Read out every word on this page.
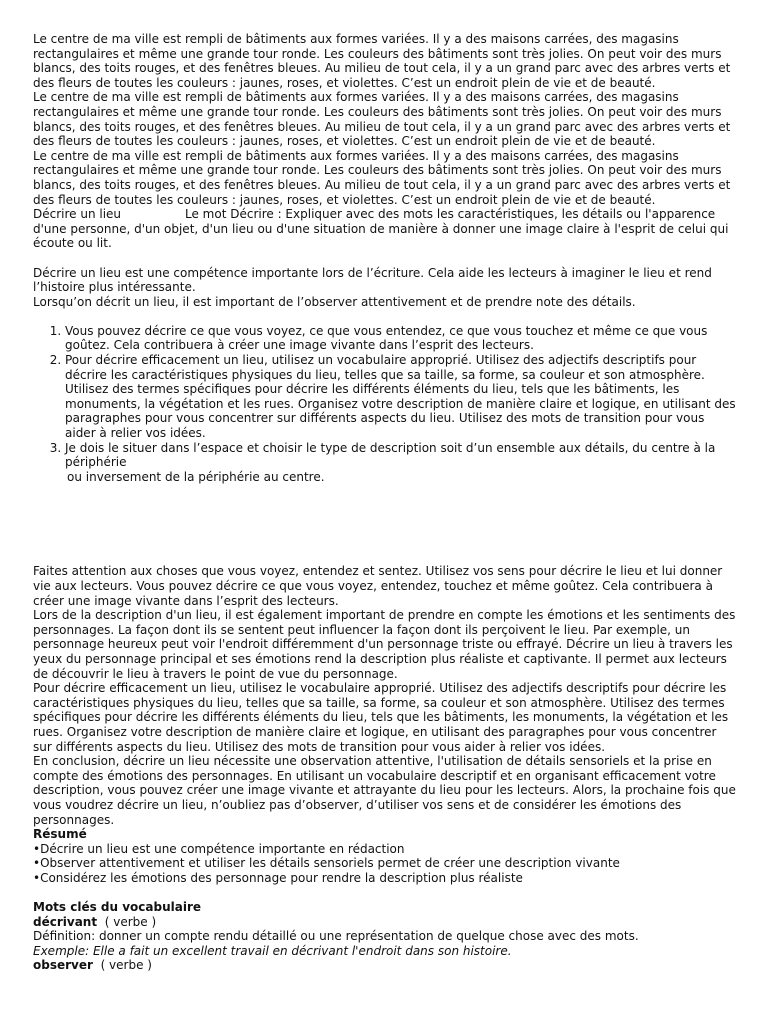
Le centre de ma ville est rempli de bâtiments aux formes variées. Il y a des maisons carrées, des magasins rectangulaires et même une grande tour ronde. Les couleurs des bâtiments sont très jolies. On peut voir des murs blancs, des toits rouges, et des fenêtres bleues. Au milieu de tout cela, il y a un grand parc avec des arbres verts et des fleurs de toutes les couleurs : jaunes, roses, et violettes. C’est un endroit plein de vie et de beauté.

Le centre de ma ville est rempli de bâtiments aux formes variées. Il y a des maisons carrées, des magasins rectangulaires et même une grande tour ronde. Les couleurs des bâtiments sont très jolies. On peut voir des murs blancs, des toits rouges, et des fenêtres bleues. Au milieu de tout cela, il y a un grand parc avec des arbres verts et des fleurs de toutes les couleurs : jaunes, roses, et violettes. C’est un endroit plein de vie et de beauté.

Le centre de ma ville est rempli de bâtiments aux formes variées. Il y a des maisons carrées, des magasins rectangulaires et même une grande tour ronde. Les couleurs des bâtiments sont très jolies. On peut voir des murs blancs, des toits rouges, et des fenêtres bleues. Au milieu de tout cela, il y a un grand parc avec des arbres verts et des fleurs de toutes les couleurs : jaunes, roses, et violettes. C’est un endroit plein de vie et de beauté.

Décrire un lieu	Le mot Décrire : Expliquer avec des mots les caractéristiques, les détails ou l'apparence d'une personne, d'un objet, d'un lieu ou d'une situation de manière à donner une image claire à l'esprit de celui qui écoute ou lit.

Décrire un lieu est une compétence importante lors de l’écriture. Cela aide les lecteurs à imaginer le lieu et rend l’histoire plus intéressante.

Lorsqu’on décrit un lieu, il est important de l’observer attentivement et de prendre note des détails.

1. Vous pouvez décrire ce que vous voyez, ce que vous entendez, ce que vous touchez et même ce que vous goûtez. Cela contribuera à créer une image vivante dans l’esprit des lecteurs.
2. Pour décrire efficacement un lieu, utilisez un vocabulaire approprié. Utilisez des adjectifs descriptifs pour décrire les caractéristiques physiques du lieu, telles que sa taille, sa forme, sa couleur et son atmosphère. Utilisez des termes spécifiques pour décrire les différents éléments du lieu, tels que les bâtiments, les monuments, la végétation et les rues. Organisez votre description de manière claire et logique, en utilisant des paragraphes pour vous concentrer sur différents aspects du lieu. Utilisez des mots de transition pour vous aider à relier vos idées.
3. Je dois le situer dans l’espace et choisir le type de description soit d’un ensemble aux détails, du centre à la périphérie

ou inversement de la périphérie au centre.

Faites attention aux choses que vous voyez, entendez et sentez. Utilisez vos sens pour décrire le lieu et lui donner vie aux lecteurs. Vous pouvez décrire ce que vous voyez, entendez, touchez et même goûtez. Cela contribuera à créer une image vivante dans l’esprit des lecteurs.

Lors de la description d'un lieu, il est également important de prendre en compte les émotions et les sentiments des personnages. La façon dont ils se sentent peut influencer la façon dont ils perçoivent le lieu. Par exemple, un personnage heureux peut voir l'endroit différemment d'un personnage triste ou effrayé. Décrire un lieu à travers les yeux du personnage principal et ses émotions rend la description plus réaliste et captivante. Il permet aux lecteurs de découvrir le lieu à travers le point de vue du personnage.

Pour décrire efficacement un lieu, utilisez le vocabulaire approprié. Utilisez des adjectifs descriptifs pour décrire les caractéristiques physiques du lieu, telles que sa taille, sa forme, sa couleur et son atmosphère. Utilisez des termes spécifiques pour décrire les différents éléments du lieu, tels que les bâtiments, les monuments, la végétation et les rues. Organisez votre description de manière claire et logique, en utilisant des paragraphes pour vous concentrer sur différents aspects du lieu. Utilisez des mots de transition pour vous aider à relier vos idées.

En conclusion, décrire un lieu nécessite une observation attentive, l'utilisation de détails sensoriels et la prise en compte des émotions des personnages. En utilisant un vocabulaire descriptif et en organisant efficacement votre description, vous pouvez créer une image vivante et attrayante du lieu pour les lecteurs. Alors, la prochaine fois que vous voudrez décrire un lieu, n’oubliez pas d’observer, d’utiliser vos sens et de considérer les émotions des personnages.

Résumé

• Décrire un lieu est une compétence importante en rédaction

• Observer attentivement et utiliser les détails sensoriels permet de créer une description vivante

• Considérez les émotions des personnage pour rendre la description plus réaliste

Mots clés du vocabulaire

décrivant ( verbe )

Définition: donner un compte rendu détaillé ou une représentation de quelque chose avec des mots.

Exemple: Elle a fait un excellent travail en décrivant l'endroit dans son histoire.

observer ( verbe )
